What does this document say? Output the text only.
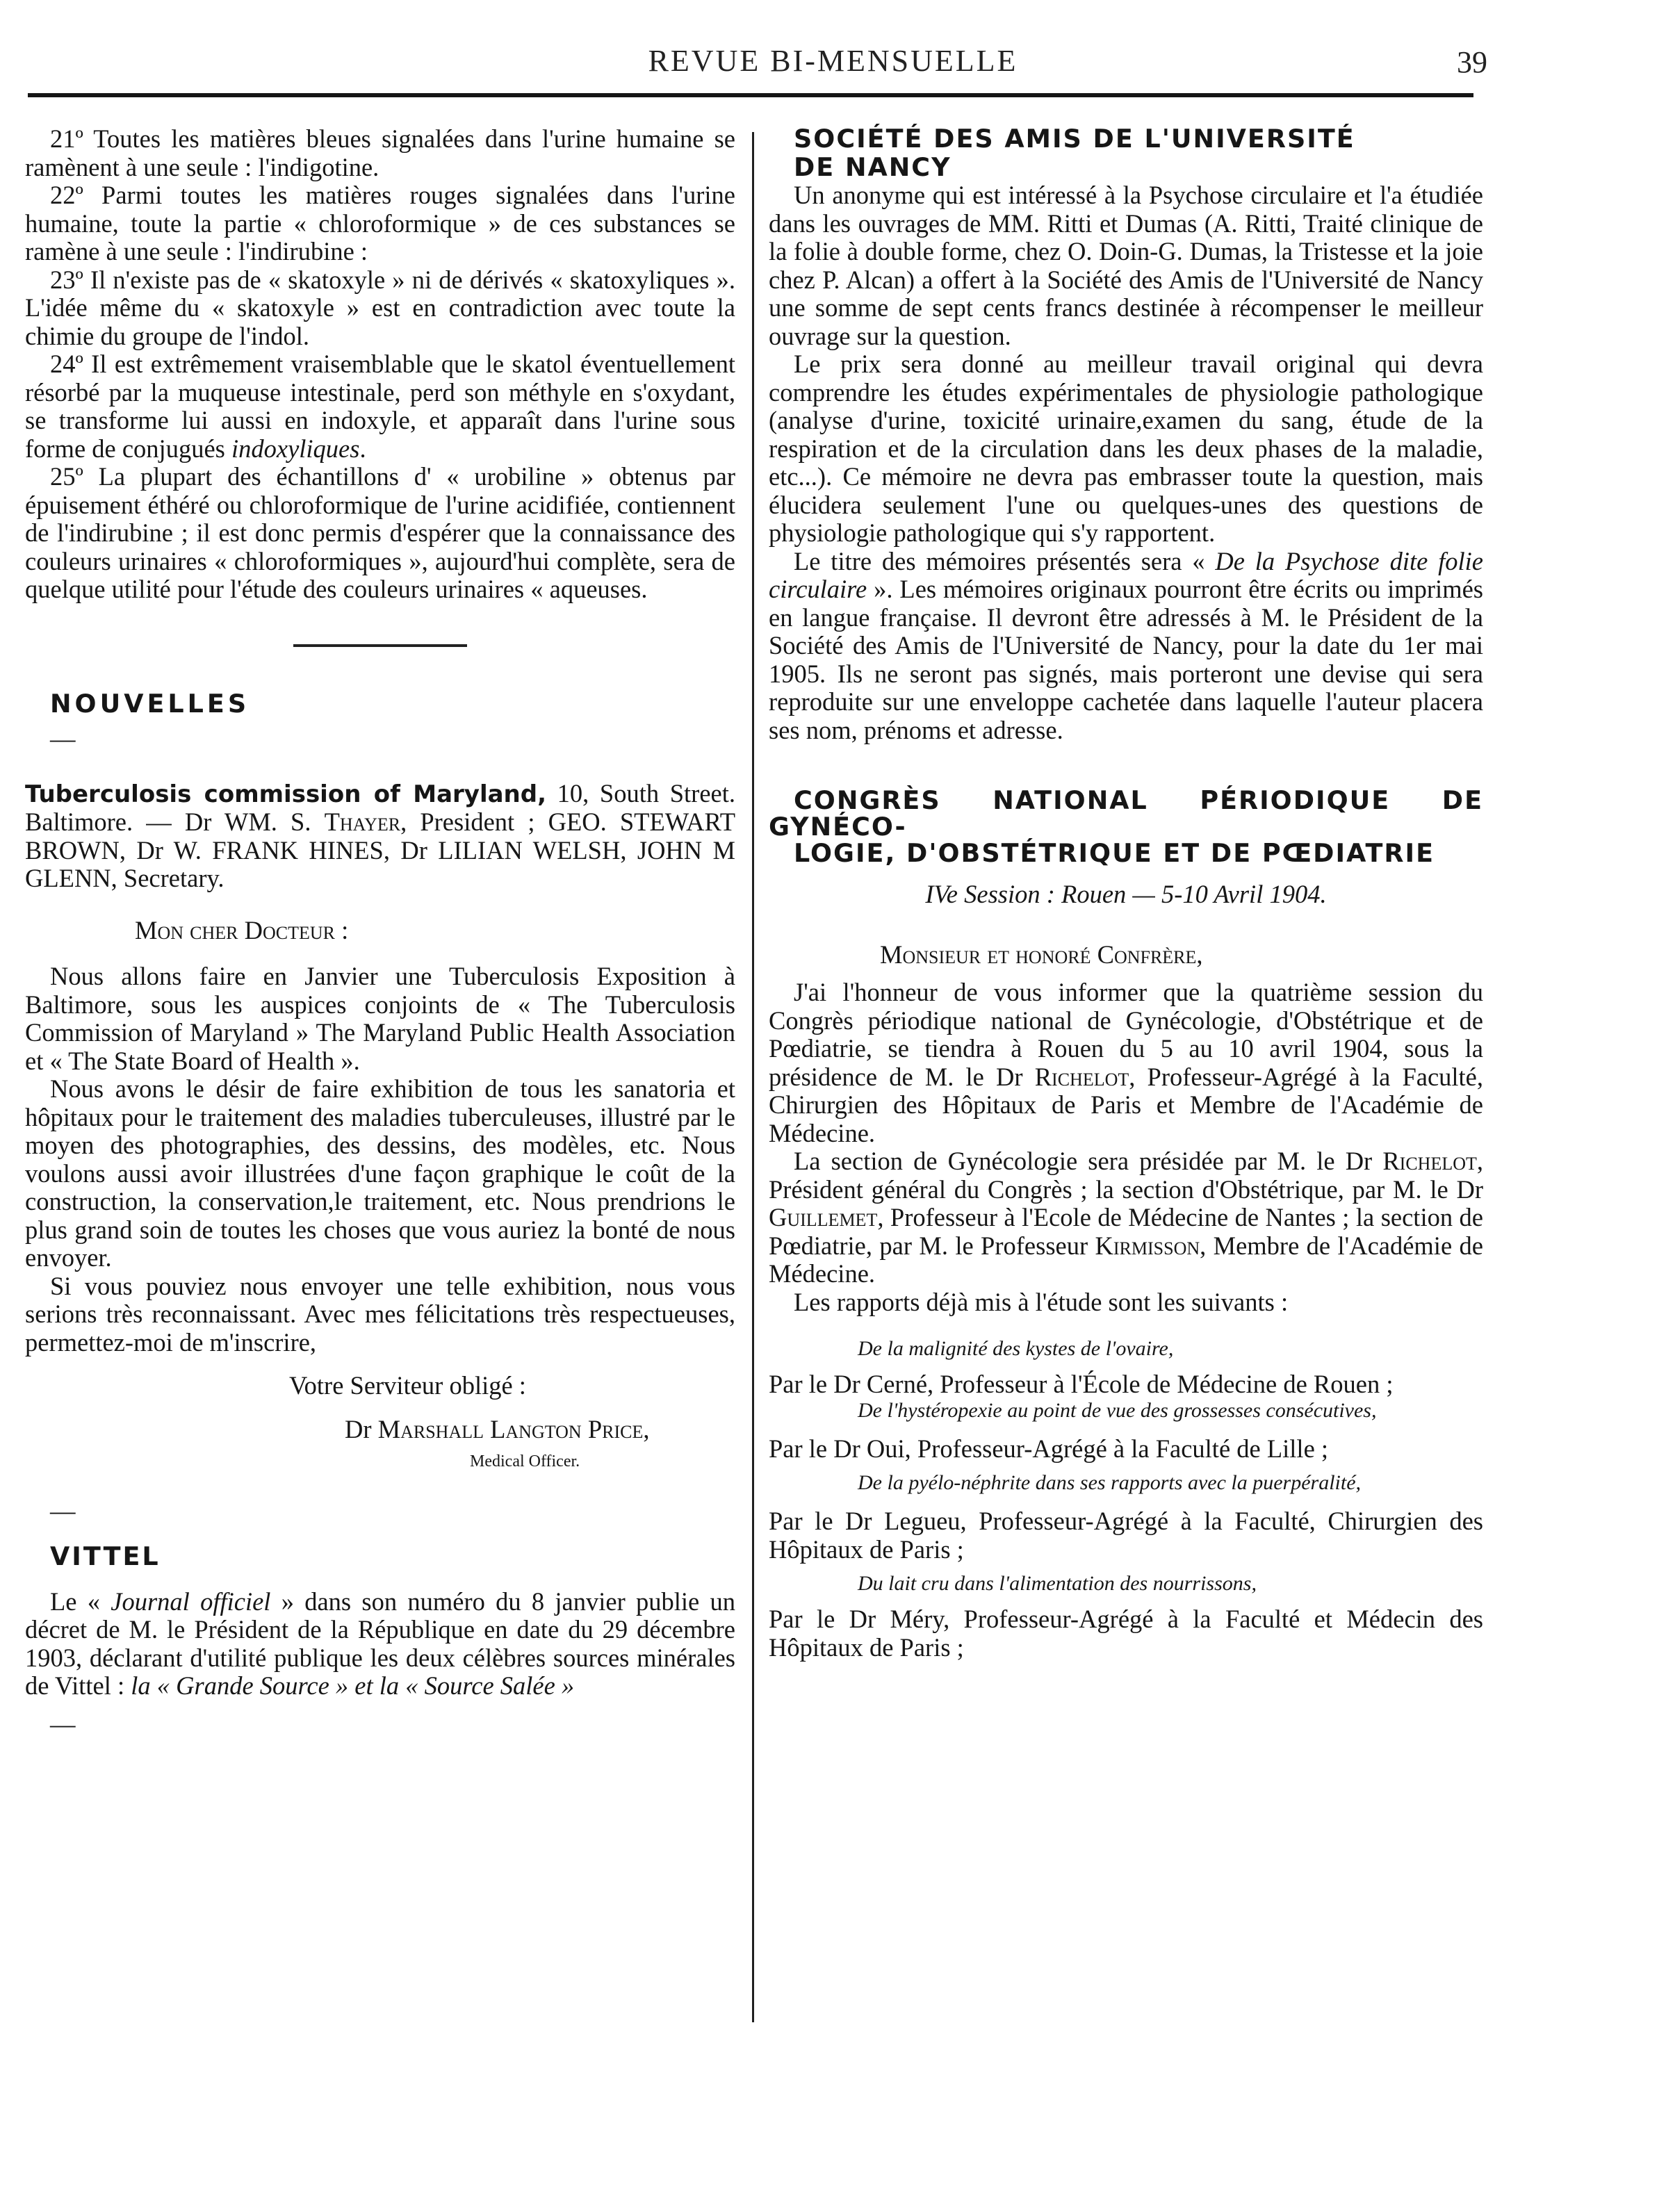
REVUE BI-MENSUELLE	39

21º Toutes les matières bleues signalées dans l'urine humaine se ramènent à une seule : l'indigotine.

22º Parmi toutes les matières rouges signalées dans l'urine humaine, toute la partie « chloroformique » de ces substances se ramène à une seule : l'indirubine :

23º Il n'existe pas de « skatoxyle » ni de dérivés « skatoxyliques ». L'idée même du « skatoxyle » est en contradiction avec toute la chimie du groupe de l'indol.

24º Il est extrêmement vraisemblable que le skatol éventuellement résorbé par la muqueuse intestinale, perd son méthyle en s'oxydant, se transforme lui aussi en indoxyle, et apparaît dans l'urine sous forme de conjugués indoxyliques.

25º La plupart des échantillons d' « urobiline » obtenus par épuisement éthéré ou chloroformique de l'urine acidifiée, contiennent de l'indirubine ; il est donc permis d'espérer que la connaissance des couleurs urinaires « chloroformiques », aujourd'hui complète, sera de quelque utilité pour l'étude des couleurs urinaires « aqueuses.

NOUVELLES

—

Tuberculosis commission of Maryland, 10, South Street. Baltimore. — Dr WM. S. Thayer, President ; GEO. STEWART BROWN, Dr W. FRANK HINES, Dr LILIAN WELSH, JOHN M GLENN, Secretary.

Mon cher Docteur :

Nous allons faire en Janvier une Tuberculosis Exposition à Baltimore, sous les auspices conjoints de « The Tuberculosis Commission of Maryland » The Maryland Public Health Association et « The State Board of Health ».

Nous avons le désir de faire exhibition de tous les sanatoria et hôpitaux pour le traitement des maladies tuberculeuses, illustré par le moyen des photographies, des dessins, des modèles, etc. Nous voulons aussi avoir illustrées d'une façon graphique le coût de la construction, la conservation,le traitement, etc. Nous prendrions le plus grand soin de toutes les choses que vous auriez la bonté de nous envoyer.

Si vous pouviez nous envoyer une telle exhibition, nous vous serions très reconnaissant. Avec mes félicitations très respectueuses, permettez-moi de m'inscrire,

Votre Serviteur obligé :

Dr Marshall Langton Price,

Medical Officer.

—

VITTEL

Le « Journal officiel » dans son numéro du 8 janvier publie un décret de M. le Président de la République en date du 29 décembre 1903, déclarant d'utilité publique les deux célèbres sources minérales de Vittel : la « Grande Source » et la « Source Salée »

—

SOCIÉTÉ DES AMIS DE L'UNIVERSITÉ

DE NANCY

Un anonyme qui est intéressé à la Psychose circulaire et l'a étudiée dans les ouvrages de MM. Ritti et Dumas (A. Ritti, Traité clinique de la folie à double forme, chez O. Doin-G. Dumas, la Tristesse et la joie chez P. Alcan) a offert à la Société des Amis de l'Université de Nancy une somme de sept cents francs destinée à récompenser le meilleur ouvrage sur la question.

Le prix sera donné au meilleur travail original qui devra comprendre les études expérimentales de physiologie pathologique (analyse d'urine, toxicité urinaire,examen du sang, étude de la respiration et de la circulation dans les deux phases de la maladie, etc...). Ce mémoire ne devra pas embrasser toute la question, mais élucidera seulement l'une ou quelques-unes des questions de physiologie pathologique qui s'y rapportent.

Le titre des mémoires présentés sera « De la Psychose dite folie circulaire ». Les mémoires originaux pourront être écrits ou imprimés en langue française. Il devront être adressés à M. le Président de la Société des Amis de l'Université de Nancy, pour la date du 1er mai 1905. Ils ne seront pas signés, mais porteront une devise qui sera reproduite sur une enveloppe cachetée dans laquelle l'auteur placera ses nom, prénoms et adresse.

CONGRÈS NATIONAL PÉRIODIQUE DE GYNÉCO-

LOGIE, D'OBSTÉTRIQUE ET DE PŒDIATRIE

IVe Session : Rouen — 5-10 Avril 1904.

Monsieur et honoré Confrère,

J'ai l'honneur de vous informer que la quatrième session du Congrès périodique national de Gynécologie, d'Obstétrique et de Pœdiatrie, se tiendra à Rouen du 5 au 10 avril 1904, sous la présidence de M. le Dr Richelot, Professeur-Agrégé à la Faculté, Chirurgien des Hôpitaux de Paris et Membre de l'Académie de Médecine.

La section de Gynécologie sera présidée par M. le Dr Richelot, Président général du Congrès ; la section d'Obstétrique, par M. le Dr Guillemet, Professeur à l'Ecole de Médecine de Nantes ; la section de Pœdiatrie, par M. le Professeur Kirmisson, Membre de l'Académie de Médecine.

Les rapports déjà mis à l'étude sont les suivants :

De la malignité des kystes de l'ovaire,

Par le Dr Cerné, Professeur à l'École de Médecine de Rouen ;

De l'hystéropexie au point de vue des grossesses consécutives,

Par le Dr Oui, Professeur-Agrégé à la Faculté de Lille ;

De la pyélo-néphrite dans ses rapports avec la puerpéralité,

Par le Dr Legueu, Professeur-Agrégé à la Faculté, Chirurgien des Hôpitaux de Paris ;

Du lait cru dans l'alimentation des nourrissons,

Par le Dr Méry, Professeur-Agrégé à la Faculté et Médecin des Hôpitaux de Paris ;
